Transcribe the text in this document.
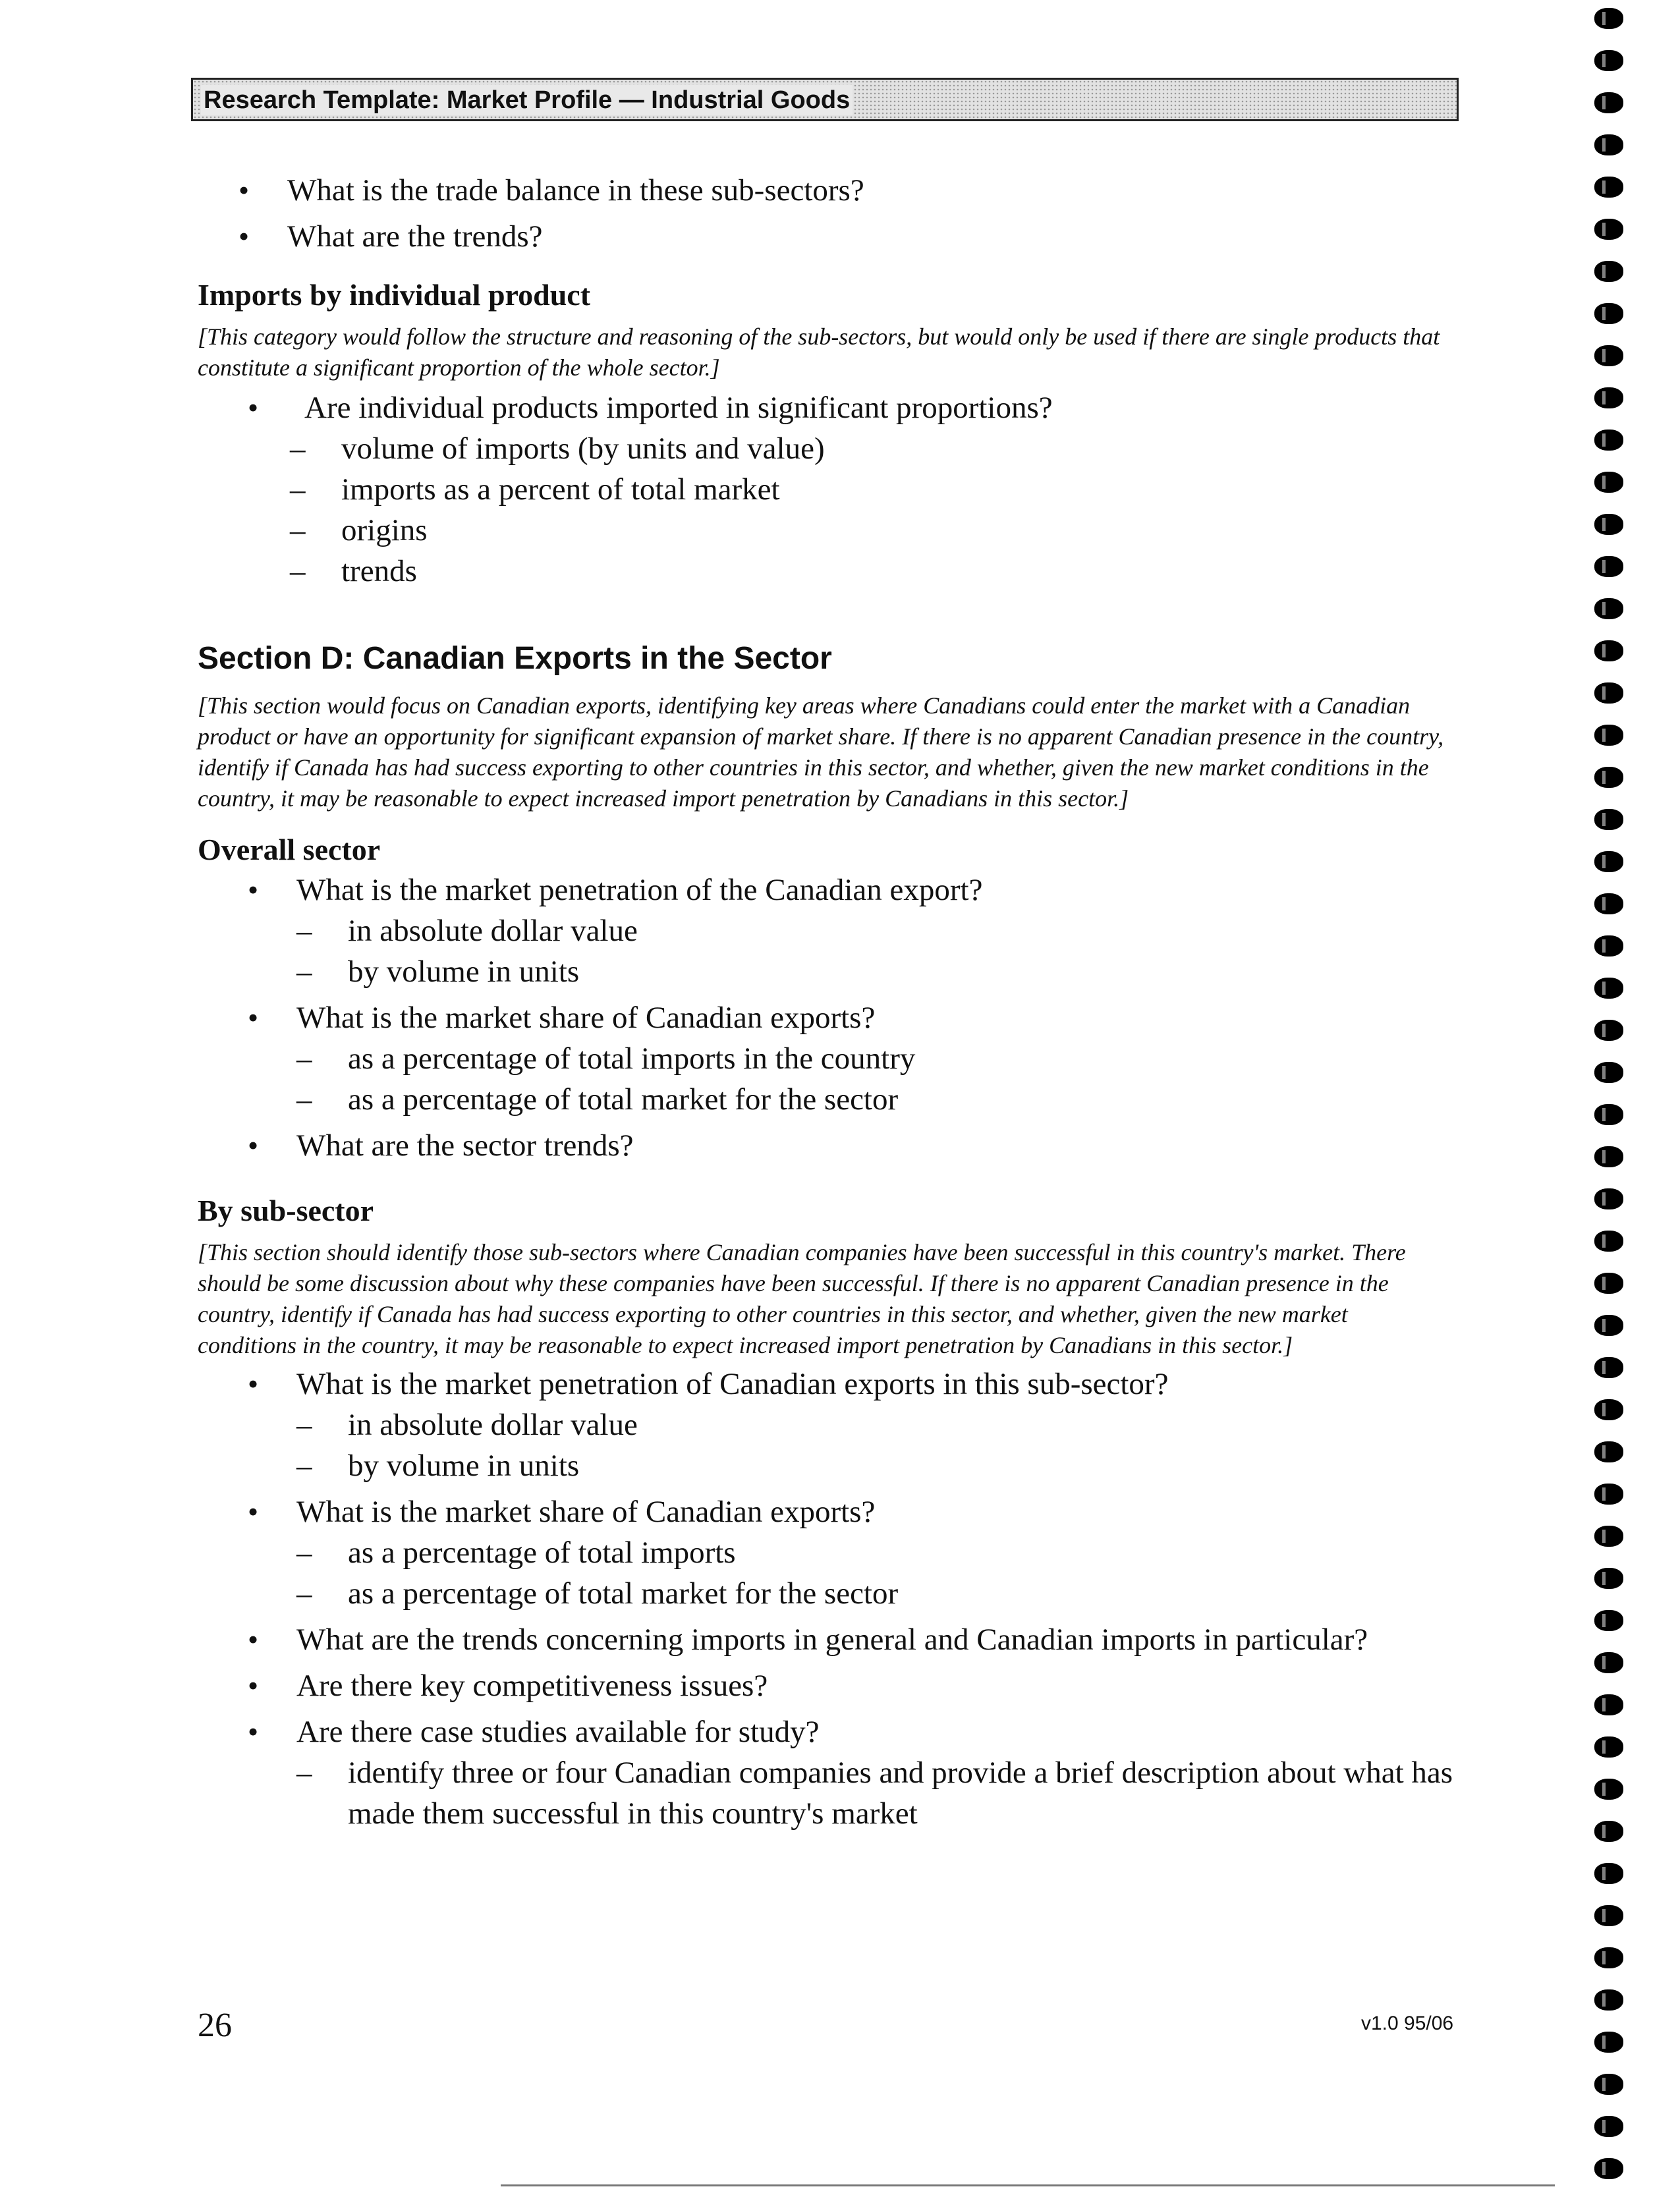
Research Template: Market Profile — Industrial Goods
• What is the trade balance in these sub-sectors?
• What are the trends?
Imports by individual product

[This category would follow the structure and reasoning of the sub-sectors, but would only be used if there are single products that constitute a significant proportion of the whole sector.]

• Are individual products imported in significant proportions?
– volume of imports (by units and value)
– imports as a percent of total market
– origins
– trends
Section D: Canadian Exports in the Sector

[This section would focus on Canadian exports, identifying key areas where Canadians could enter the market with a Canadian product or have an opportunity for significant expansion of market share. If there is no apparent Canadian presence in the country, identify if Canada has had success exporting to other countries in this sector, and whether, given the new market conditions in the country, it may be reasonable to expect increased import penetration by Canadians in this sector.]

Overall sector
• What is the market penetration of the Canadian export?
– in absolute dollar value
– by volume in units
• What is the market share of Canadian exports?
– as a percentage of total imports in the country
– as a percentage of total market for the sector
• What are the sector trends?
By sub-sector

[This section should identify those sub-sectors where Canadian companies have been successful in this country's market. There should be some discussion about why these companies have been successful. If there is no apparent Canadian presence in the country, identify if Canada has had success exporting to other countries in this sector, and whether, given the new market conditions in the country, it may be reasonable to expect increased import penetration by Canadians in this sector.]

• What is the market penetration of Canadian exports in this sub-sector?
– in absolute dollar value
– by volume in units
• What is the market share of Canadian exports?
– as a percentage of total imports
– as a percentage of total market for the sector
• What are the trends concerning imports in general and Canadian imports in particular?
• Are there key competitiveness issues?
• Are there case studies available for study?
– identify three or four Canadian companies and provide a brief description about what has made them successful in this country's market
26	v1.0 95/06
